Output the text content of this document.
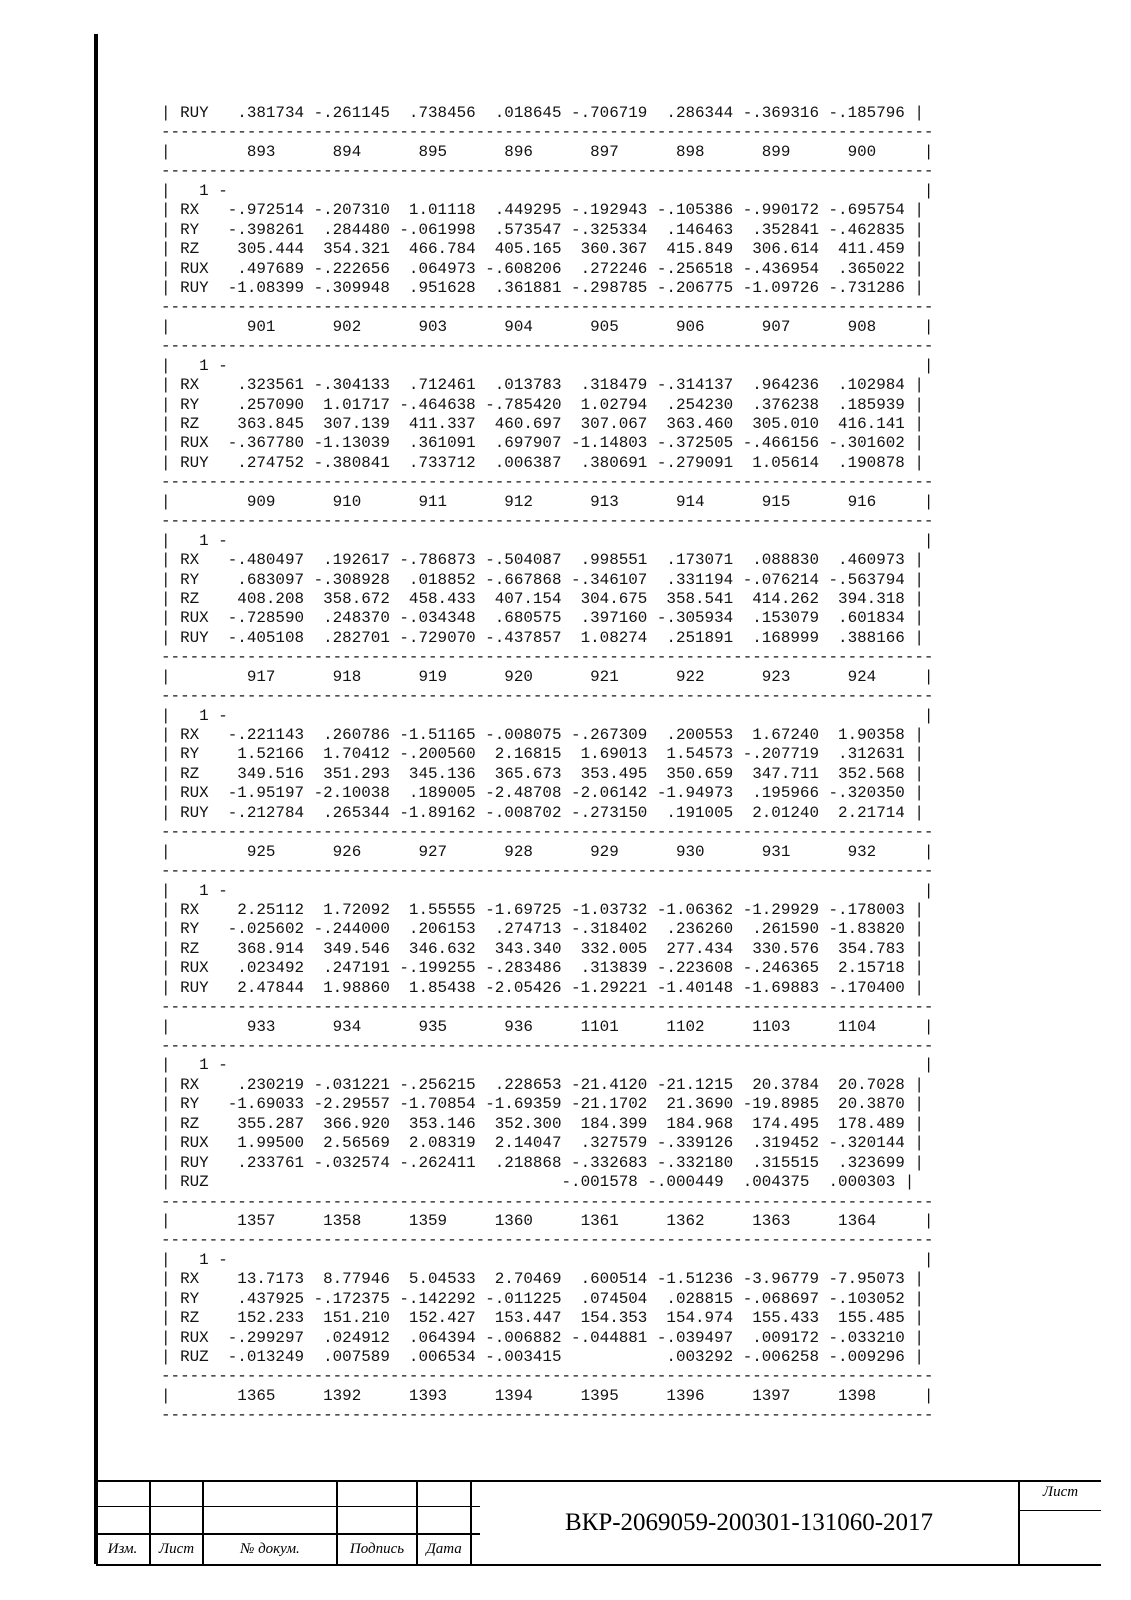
| RUY   .381734 -.261145  .738456  .018645 -.706719  .286344 -.369316 -.185796 |
---------------------------------------------------------------------------------
|        893      894      895      896      897      898      899      900     |
---------------------------------------------------------------------------------
|   1 -                                                                         |
| RX   -.972514 -.207310  1.01118  .449295 -.192943 -.105386 -.990172 -.695754 |
| RY   -.398261  .284480 -.061998  .573547 -.325334  .146463  .352841 -.462835 |
| RZ    305.444  354.321  466.784  405.165  360.367  415.849  306.614  411.459 |
| RUX   .497689 -.222656  .064973 -.608206  .272246 -.256518 -.436954  .365022 |
| RUY  -1.08399 -.309948  .951628  .361881 -.298785 -.206775 -1.09726 -.731286 |
---------------------------------------------------------------------------------
|        901      902      903      904      905      906      907      908     |
---------------------------------------------------------------------------------
|   1 -                                                                         |
| RX    .323561 -.304133  .712461  .013783  .318479 -.314137  .964236  .102984 |
| RY    .257090  1.01717 -.464638 -.785420  1.02794  .254230  .376238  .185939 |
| RZ    363.845  307.139  411.337  460.697  307.067  363.460  305.010  416.141 |
| RUX  -.367780 -1.13039  .361091  .697907 -1.14803 -.372505 -.466156 -.301602 |
| RUY   .274752 -.380841  .733712  .006387  .380691 -.279091  1.05614  .190878 |
---------------------------------------------------------------------------------
|        909      910      911      912      913      914      915      916     |
---------------------------------------------------------------------------------
|   1 -                                                                         |
| RX   -.480497  .192617 -.786873 -.504087  .998551  .173071  .088830  .460973 |
| RY    .683097 -.308928  .018852 -.667868 -.346107  .331194 -.076214 -.563794 |
| RZ    408.208  358.672  458.433  407.154  304.675  358.541  414.262  394.318 |
| RUX  -.728590  .248370 -.034348  .680575  .397160 -.305934  .153079  .601834 |
| RUY  -.405108  .282701 -.729070 -.437857  1.08274  .251891  .168999  .388166 |
---------------------------------------------------------------------------------
|        917      918      919      920      921      922      923      924     |
---------------------------------------------------------------------------------
|   1 -                                                                         |
| RX   -.221143  .260786 -1.51165 -.008075 -.267309  .200553  1.67240  1.90358 |
| RY    1.52166  1.70412 -.200560  2.16815  1.69013  1.54573 -.207719  .312631 |
| RZ    349.516  351.293  345.136  365.673  353.495  350.659  347.711  352.568 |
| RUX  -1.95197 -2.10038  .189005 -2.48708 -2.06142 -1.94973  .195966 -.320350 |
| RUY  -.212784  .265344 -1.89162 -.008702 -.273150  .191005  2.01240  2.21714 |
---------------------------------------------------------------------------------
|        925      926      927      928      929      930      931      932     |
---------------------------------------------------------------------------------
|   1 -                                                                         |
| RX    2.25112  1.72092  1.55555 -1.69725 -1.03732 -1.06362 -1.29929 -.178003 |
| RY   -.025602 -.244000  .206153  .274713 -.318402  .236260  .261590 -1.83820 |
| RZ    368.914  349.546  346.632  343.340  332.005  277.434  330.576  354.783 |
| RUX   .023492  .247191 -.199255 -.283486  .313839 -.223608 -.246365  2.15718 |
| RUY   2.47844  1.98860  1.85438 -2.05426 -1.29221 -1.40148 -1.69883 -.170400 |
---------------------------------------------------------------------------------
|        933      934      935      936     1101     1102     1103     1104     |
---------------------------------------------------------------------------------
|   1 -                                                                         |
| RX    .230219 -.031221 -.256215  .228653 -21.4120 -21.1215  20.3784  20.7028 |
| RY   -1.69033 -2.29557 -1.70854 -1.69359 -21.1702  21.3690 -19.8985  20.3870 |
| RZ    355.287  366.920  353.146  352.300  184.399  184.968  174.495  178.489 |
| RUX   1.99500  2.56569  2.08319  2.14047  .327579 -.339126  .319452 -.320144 |
| RUY   .233761 -.032574 -.262411  .218868 -.332683 -.332180  .315515  .323699 |
| RUZ                                     -.001578 -.000449  .004375  .000303 |
---------------------------------------------------------------------------------
|       1357     1358     1359     1360     1361     1362     1363     1364     |
---------------------------------------------------------------------------------
|   1 -                                                                         |
| RX    13.7173  8.77946  5.04533  2.70469  .600514 -1.51236 -3.96779 -7.95073 |
| RY    .437925 -.172375 -.142292 -.011225  .074504  .028815 -.068697 -.103052 |
| RZ    152.233  151.210  152.427  153.447  154.353  154.974  155.433  155.485 |
| RUX  -.299297  .024912  .064394 -.006882 -.044881 -.039497  .009172 -.033210 |
| RUZ  -.013249  .007589  .006534 -.003415           .003292 -.006258 -.009296 |
---------------------------------------------------------------------------------
|       1365     1392     1393     1394     1395     1396     1397     1398     |
---------------------------------------------------------------------------------
Изм.	Лист	№ докум.	Подпись	Дата
ВКР-2069059-200301-131060-2017
Лист
